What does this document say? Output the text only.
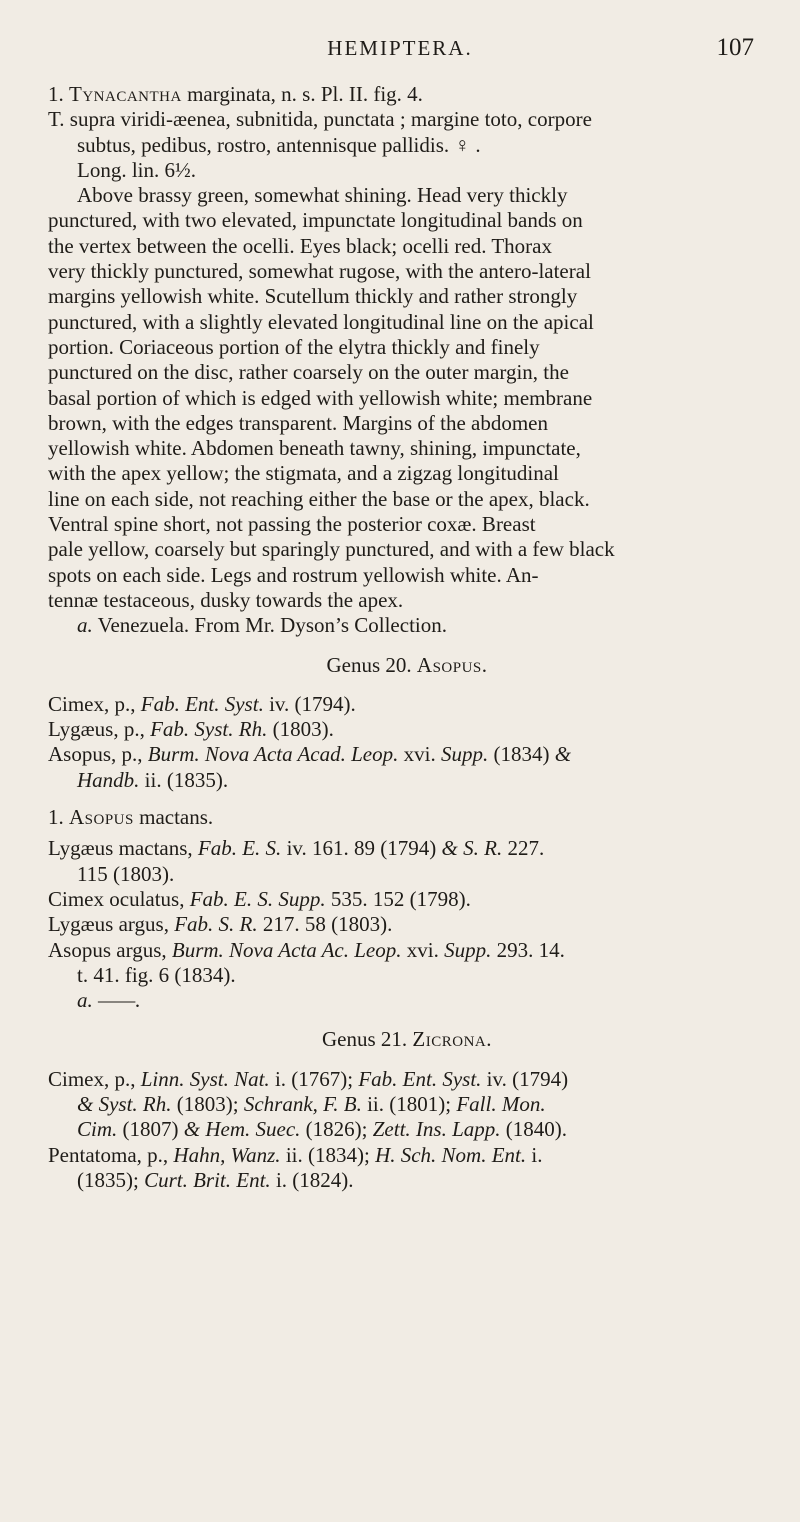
HEMIPTERA.	107
1. Tynacantha marginata, n. s. Pl. II. fig. 4.
T. supra viridi-æenea, subnitida, punctata ; margine toto, corpore
subtus, pedibus, rostro, antennisque pallidis. ♀ .
Long. lin. 6½.
Above brassy green, somewhat shining. Head very thickly
punctured, with two elevated, impunctate longitudinal bands on
the vertex between the ocelli. Eyes black; ocelli red. Thorax
very thickly punctured, somewhat rugose, with the antero-lateral
margins yellowish white. Scutellum thickly and rather strongly
punctured, with a slightly elevated longitudinal line on the apical
portion. Coriaceous portion of the elytra thickly and finely
punctured on the disc, rather coarsely on the outer margin, the
basal portion of which is edged with yellowish white; membrane
brown, with the edges transparent. Margins of the abdomen
yellowish white. Abdomen beneath tawny, shining, impunctate,
with the apex yellow; the stigmata, and a zigzag longitudinal
line on each side, not reaching either the base or the apex, black.
Ventral spine short, not passing the posterior coxæ. Breast
pale yellow, coarsely but sparingly punctured, and with a few black
spots on each side. Legs and rostrum yellowish white. An-
tennæ testaceous, dusky towards the apex.
a. Venezuela. From Mr. Dyson’s Collection.
Genus 20. Asopus.
Cimex, p., Fab. Ent. Syst. iv. (1794).
Lygæus, p., Fab. Syst. Rh. (1803).
Asopus, p., Burm. Nova Acta Acad. Leop. xvi. Supp. (1834) &
Handb. ii. (1835).
1. Asopus mactans.
Lygæus mactans, Fab. E. S. iv. 161. 89 (1794) & S. R. 227.
115 (1803).
Cimex oculatus, Fab. E. S. Supp. 535. 152 (1798).
Lygæus argus, Fab. S. R. 217. 58 (1803).
Asopus argus, Burm. Nova Acta Ac. Leop. xvi. Supp. 293. 14.
t. 41. fig. 6 (1834).
a. ——.
Genus 21. Zicrona.
Cimex, p., Linn. Syst. Nat. i. (1767); Fab. Ent. Syst. iv. (1794)
& Syst. Rh. (1803); Schrank, F. B. ii. (1801); Fall. Mon.
Cim. (1807) & Hem. Suec. (1826); Zett. Ins. Lapp. (1840).
Pentatoma, p., Hahn, Wanz. ii. (1834); H. Sch. Nom. Ent. i.
(1835); Curt. Brit. Ent. i. (1824).
